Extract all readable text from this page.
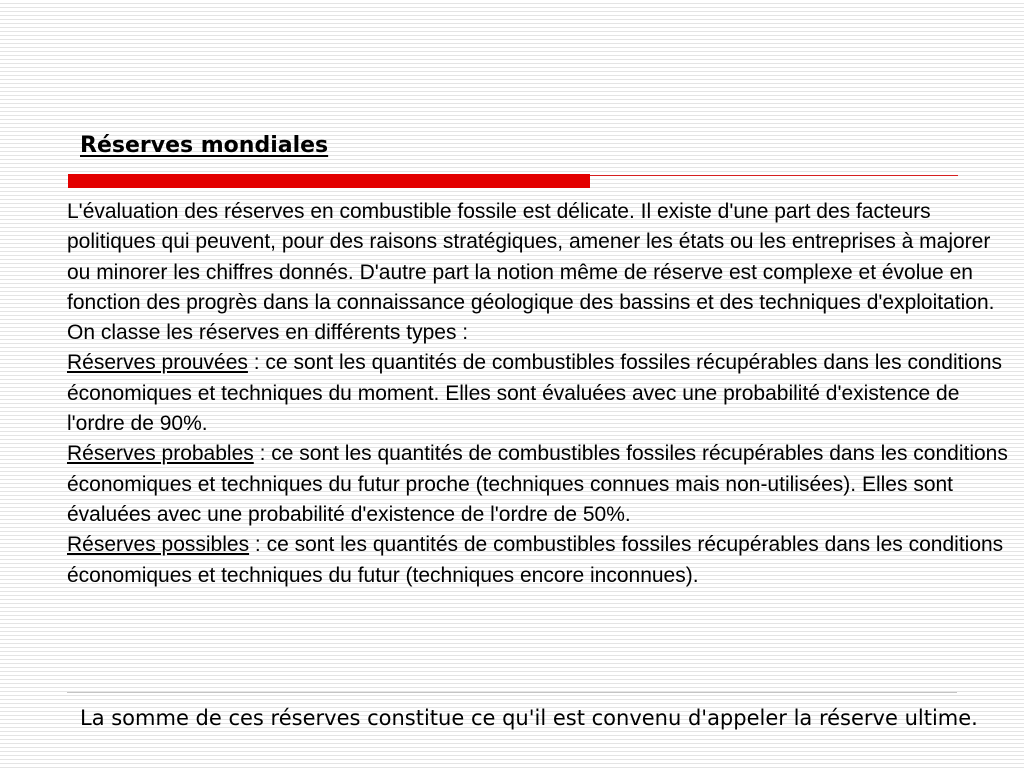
Réserves mondiales

L'évaluation des réserves en combustible fossile est délicate. Il existe d'une part des facteurs politiques qui peuvent, pour des raisons stratégiques, amener les états ou les entreprises à majorer ou minorer les chiffres donnés. D'autre part la notion même de réserve est complexe et évolue en fonction des progrès dans la connaissance géologique des bassins et des techniques d'exploitation. On classe les réserves en différents types :

Réserves prouvées : ce sont les quantités de combustibles fossiles récupérables dans les conditions économiques et techniques du moment. Elles sont évaluées avec une probabilité d'existence de l'ordre de 90%.

Réserves probables : ce sont les quantités de combustibles fossiles récupérables dans les conditions économiques et techniques du futur proche (techniques connues mais non-utilisées). Elles sont évaluées avec une probabilité d'existence de l'ordre de 50%.

Réserves possibles : ce sont les quantités de combustibles fossiles récupérables dans les conditions économiques et techniques du futur (techniques encore inconnues).

La somme de ces réserves constitue ce qu'il est convenu d'appeler la réserve ultime.
